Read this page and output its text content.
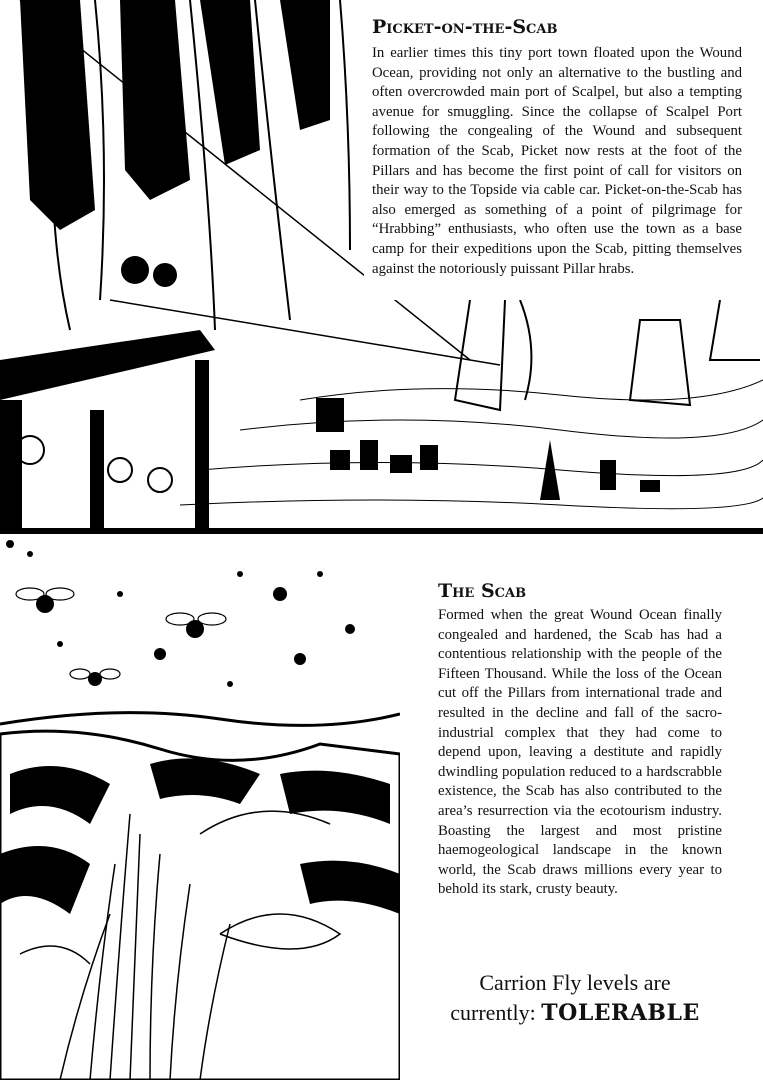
Picket-on-the-Scab

In earlier times this tiny port town floated upon the Wound Ocean, providing not only an alternative to the bustling and often overcrowded main port of Scalpel, but also a tempting avenue for smuggling. Since the collapse of Scalpel Port following the congealing of the Wound and subsequent formation of the Scab, Picket now rests at the foot of the Pillars and has become the first point of call for visitors on their way to the Topside via cable car. Picket-on-the-Scab has also emerged as something of a point of pilgrimage for “Hrabbing” enthusiasts, who often use the town as a base camp for their expeditions upon the Scab, pitting themselves against the notoriously puissant Pillar hrabs.

The Scab

Formed when the great Wound Ocean finally congealed and hardened, the Scab has had a contentious relationship with the people of the Fifteen Thousand. While the loss of the Ocean cut off the Pillars from international trade and resulted in the decline and fall of the sacro-industrial complex that they had come to depend upon, leaving a destitute and rapidly dwindling population reduced to a hardscrabble existence, the Scab has also contributed to the area’s resurrection via the ecotourism industry. Boasting the largest and most pristine haemogeological landscape in the known world, the Scab draws millions every year to behold its stark, crusty beauty.

Carrion Fly levels are
currently: TOLERABLE
